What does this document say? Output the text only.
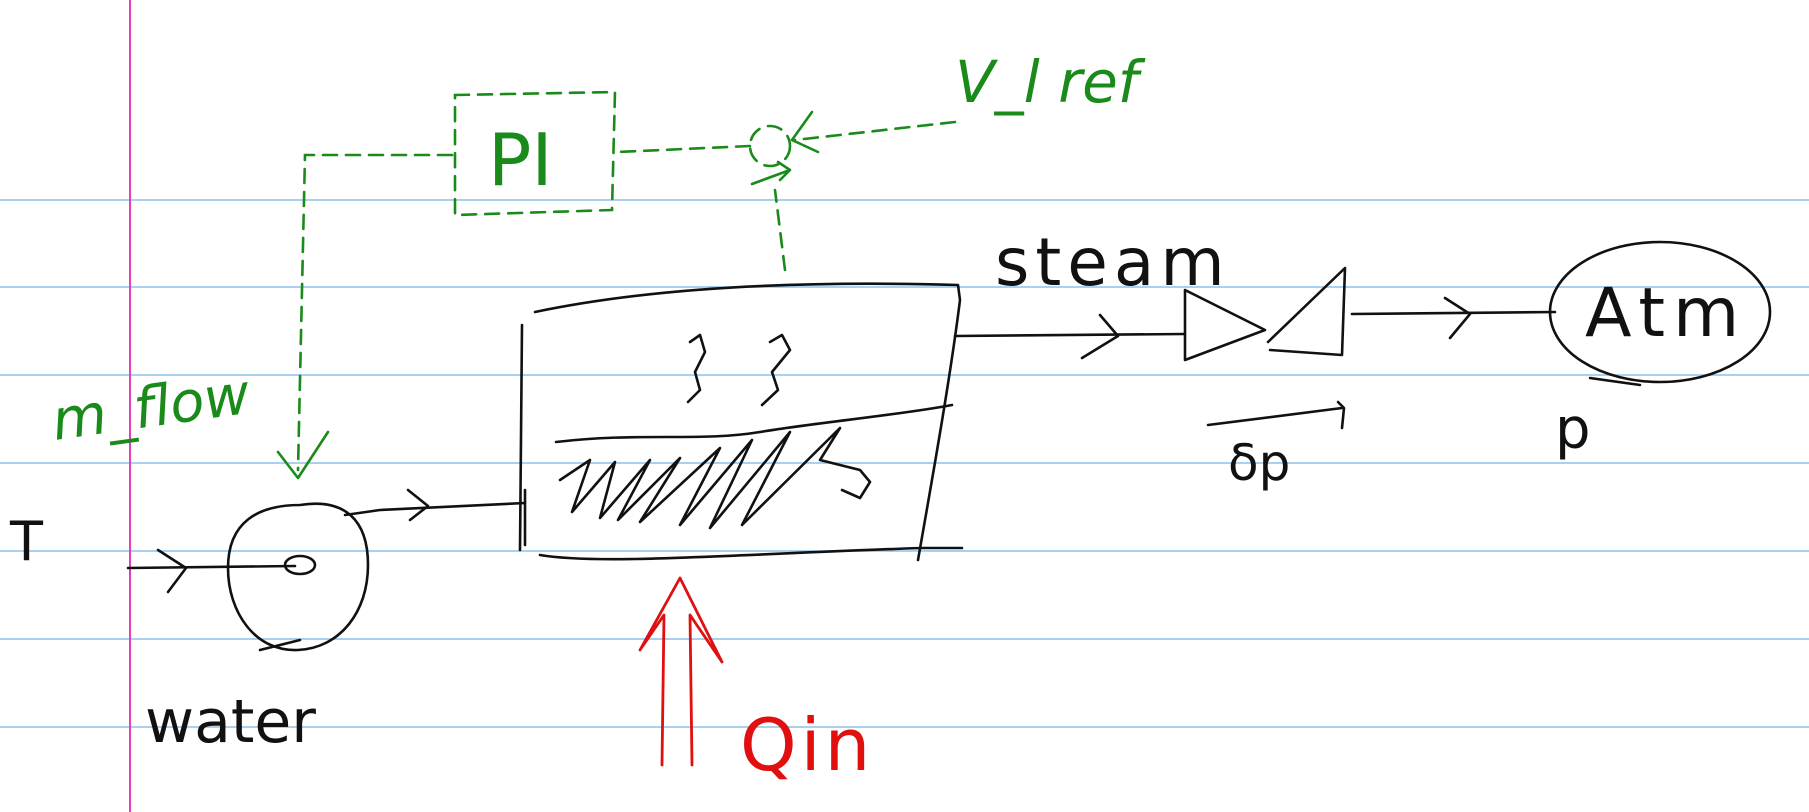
PI
V_l ref
m_flow
T
water
steam
δp
Atm
p
Qin
